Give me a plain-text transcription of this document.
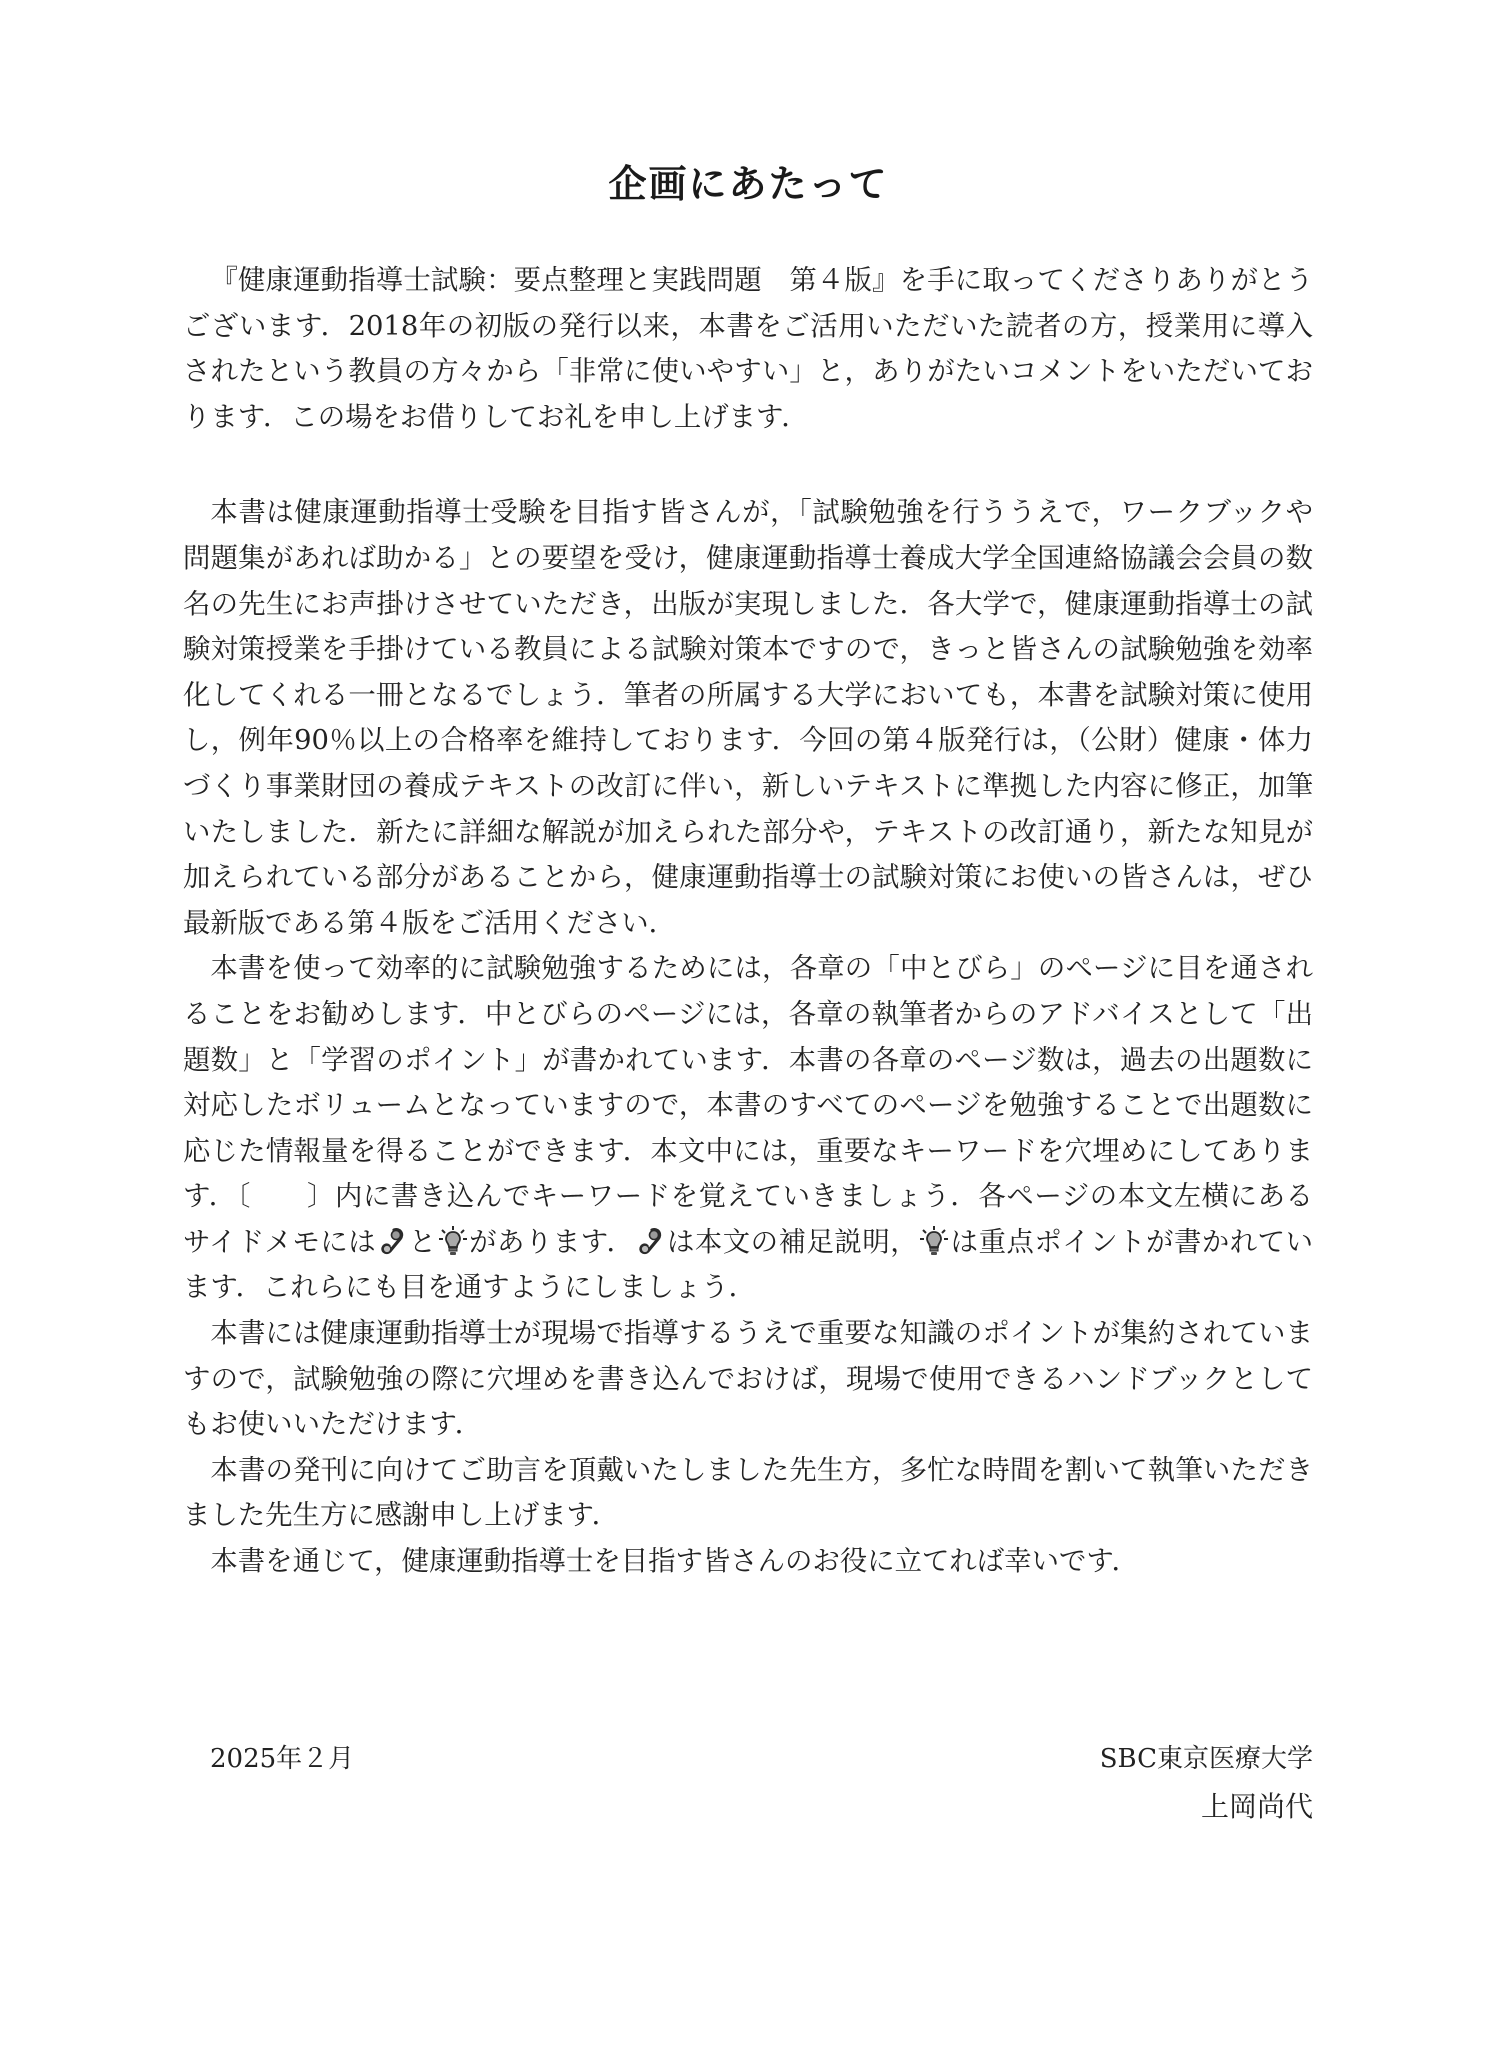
企画にあたって

『健康運動指導士試験：要点整理と実践問題　第４版』を手に取ってくださりありがとうございます．2018年の初版の発行以来，本書をご活用いただいた読者の方，授業用に導入されたという教員の方々から「非常に使いやすい」と，ありがたいコメントをいただいております．この場をお借りしてお礼を申し上げます．

本書は健康運動指導士受験を目指す皆さんが，「試験勉強を行ううえで，ワークブックや問題集があれば助かる」との要望を受け，健康運動指導士養成大学全国連絡協議会会員の数名の先生にお声掛けさせていただき，出版が実現しました．各大学で，健康運動指導士の試験対策授業を手掛けている教員による試験対策本ですので，きっと皆さんの試験勉強を効率化してくれる一冊となるでしょう．筆者の所属する大学においても，本書を試験対策に使用し，例年90％以上の合格率を維持しております．今回の第４版発行は，（公財）健康・体力づくり事業財団の養成テキストの改訂に伴い，新しいテキストに準拠した内容に修正，加筆いたしました．新たに詳細な解説が加えられた部分や，テキストの改訂通り，新たな知見が加えられている部分があることから，健康運動指導士の試験対策にお使いの皆さんは，ぜひ最新版である第４版をご活用ください．

本書を使って効率的に試験勉強するためには，各章の「中とびら」のページに目を通されることをお勧めします．中とびらのページには，各章の執筆者からのアドバイスとして「出題数」と「学習のポイント」が書かれています．本書の各章のページ数は，過去の出題数に対応したボリュームとなっていますので，本書のすべてのページを勉強することで出題数に応じた情報量を得ることができます．本文中には，重要なキーワードを穴埋めにしてあります．〔　　〕内に書き込んでキーワードを覚えていきましょう．各ページの本文左横にあるサイドメモには と があります． は本文の補足説明， は重点ポイントが書かれています．これらにも目を通すようにしましょう．

本書には健康運動指導士が現場で指導するうえで重要な知識のポイントが集約されていますので，試験勉強の際に穴埋めを書き込んでおけば，現場で使用できるハンドブックとしてもお使いいただけます．

本書の発刊に向けてご助言を頂戴いたしました先生方，多忙な時間を割いて執筆いただきました先生方に感謝申し上げます．

本書を通じて，健康運動指導士を目指す皆さんのお役に立てれば幸いです．

2025年２月	SBC東京医療大学
上岡尚代
